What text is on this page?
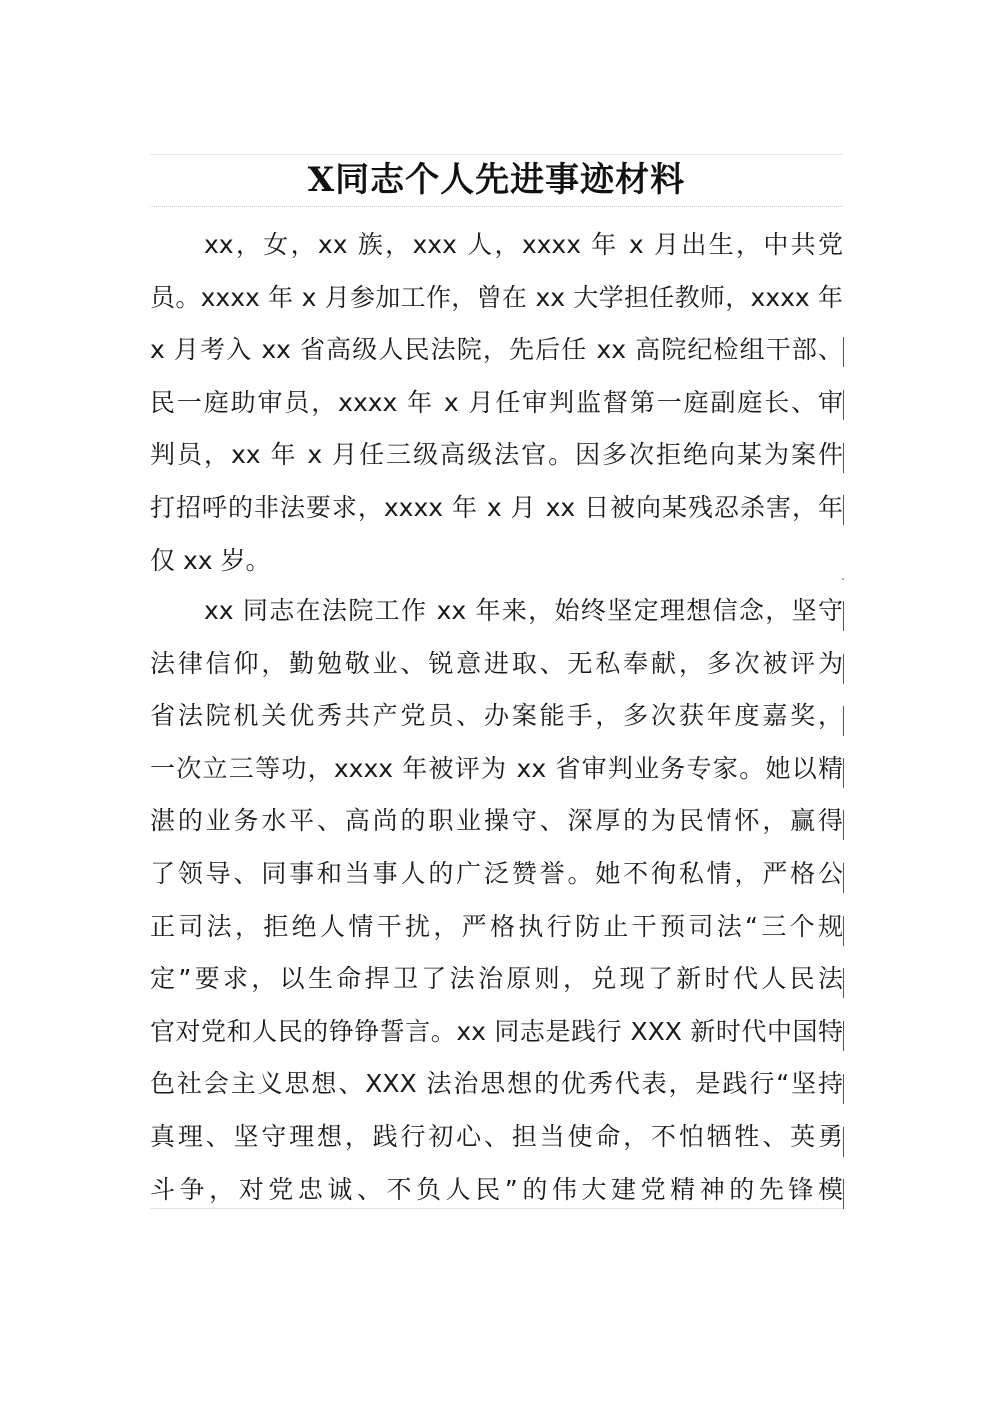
X同志个人先进事迹材料
xx，女，xx 族，xxx 人，xxxx 年 x 月出生，中共党
员。xxxx 年 x 月参加工作，曾在 xx 大学担任教师，xxxx 年
x 月考入 xx 省高级人民法院，先后任 xx 高院纪检组干部、
民一庭助审员，xxxx 年 x 月任审判监督第一庭副庭长、审
判员，xx 年 x 月任三级高级法官。因多次拒绝向某为案件
打招呼的非法要求，xxxx 年 x 月 xx 日被向某残忍杀害，年
仅 xx 岁。
xx 同志在法院工作 xx 年来，始终坚定理想信念，坚守
法律信仰，勤勉敬业、锐意进取、无私奉献，多次被评为
省法院机关优秀共产党员、办案能手，多次获年度嘉奖，
一次立三等功，xxxx 年被评为 xx 省审判业务专家。她以精
湛的业务水平、高尚的职业操守、深厚的为民情怀，赢得
了领导、同事和当事人的广泛赞誉。她不徇私情，严格公
正司法，拒绝人情干扰，严格执行防止干预司法“三个规
定”要求，以生命捍卫了法治原则，兑现了新时代人民法
官对党和人民的铮铮誓言。xx 同志是践行 XXX 新时代中国特
色社会主义思想、XXX 法治思想的优秀代表，是践行“坚持
真理、坚守理想，践行初心、担当使命，不怕牺牲、英勇
斗争，对党忠诚、不负人民”的伟大建党精神的先锋模
